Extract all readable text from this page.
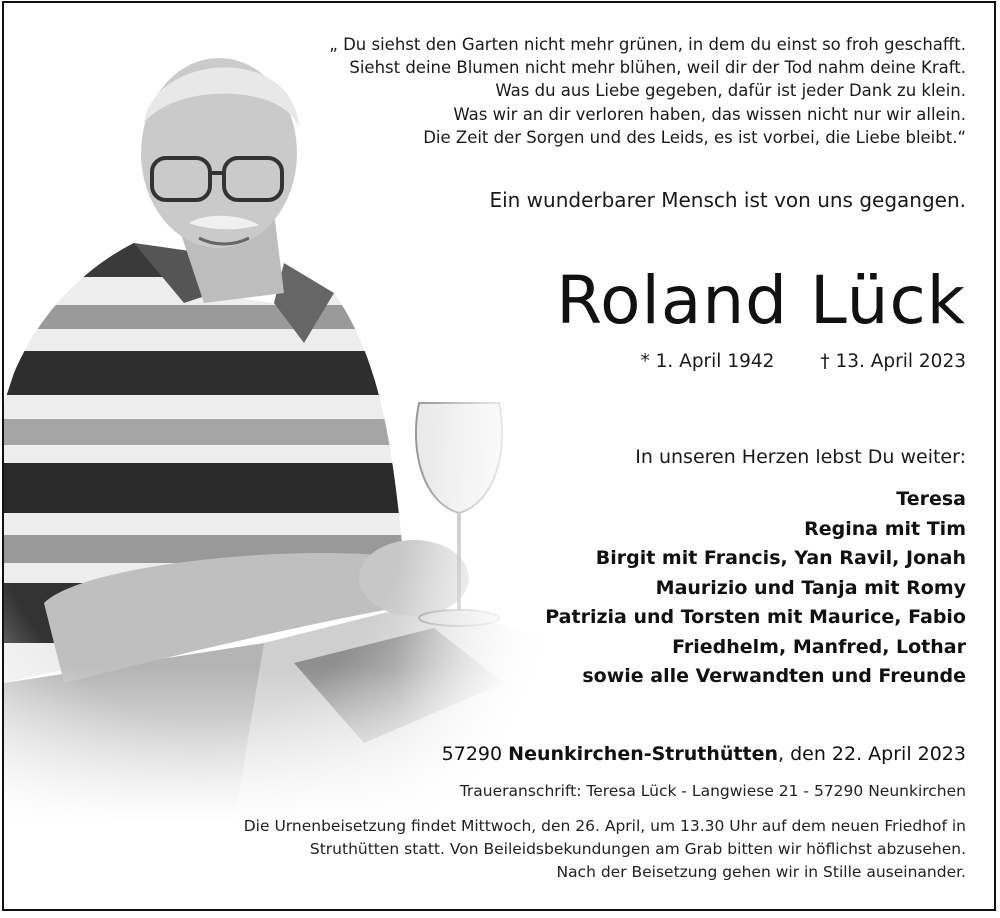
„ Du siehst den Garten nicht mehr grünen, in dem du einst so froh geschafft.
Siehst deine Blumen nicht mehr blühen, weil dir der Tod nahm deine Kraft.
Was du aus Liebe gegeben, dafür ist jeder Dank zu klein.
Was wir an dir verloren haben, das wissen nicht nur wir allein.
Die Zeit der Sorgen und des Leids, es ist vorbei, die Liebe bleibt.“
Ein wunderbarer Mensch ist von uns gegangen.
Roland Lück
* 1. April 1942 † 13. April 2023
In unseren Herzen lebst Du weiter:
Teresa
Regina mit Tim
Birgit mit Francis, Yan Ravil, Jonah
Maurizio und Tanja mit Romy
Patrizia und Torsten mit Maurice, Fabio
Friedhelm, Manfred, Lothar
sowie alle Verwandten und Freunde
57290 Neunkirchen-Struthütten, den 22. April 2023
Traueranschrift: Teresa Lück - Langwiese 21 - 57290 Neunkirchen
Die Urnenbeisetzung findet Mittwoch, den 26. April, um 13.30 Uhr auf dem neuen Friedhof in
Struthütten statt. Von Beileidsbekundungen am Grab bitten wir höflichst abzusehen.
Nach der Beisetzung gehen wir in Stille auseinander.
